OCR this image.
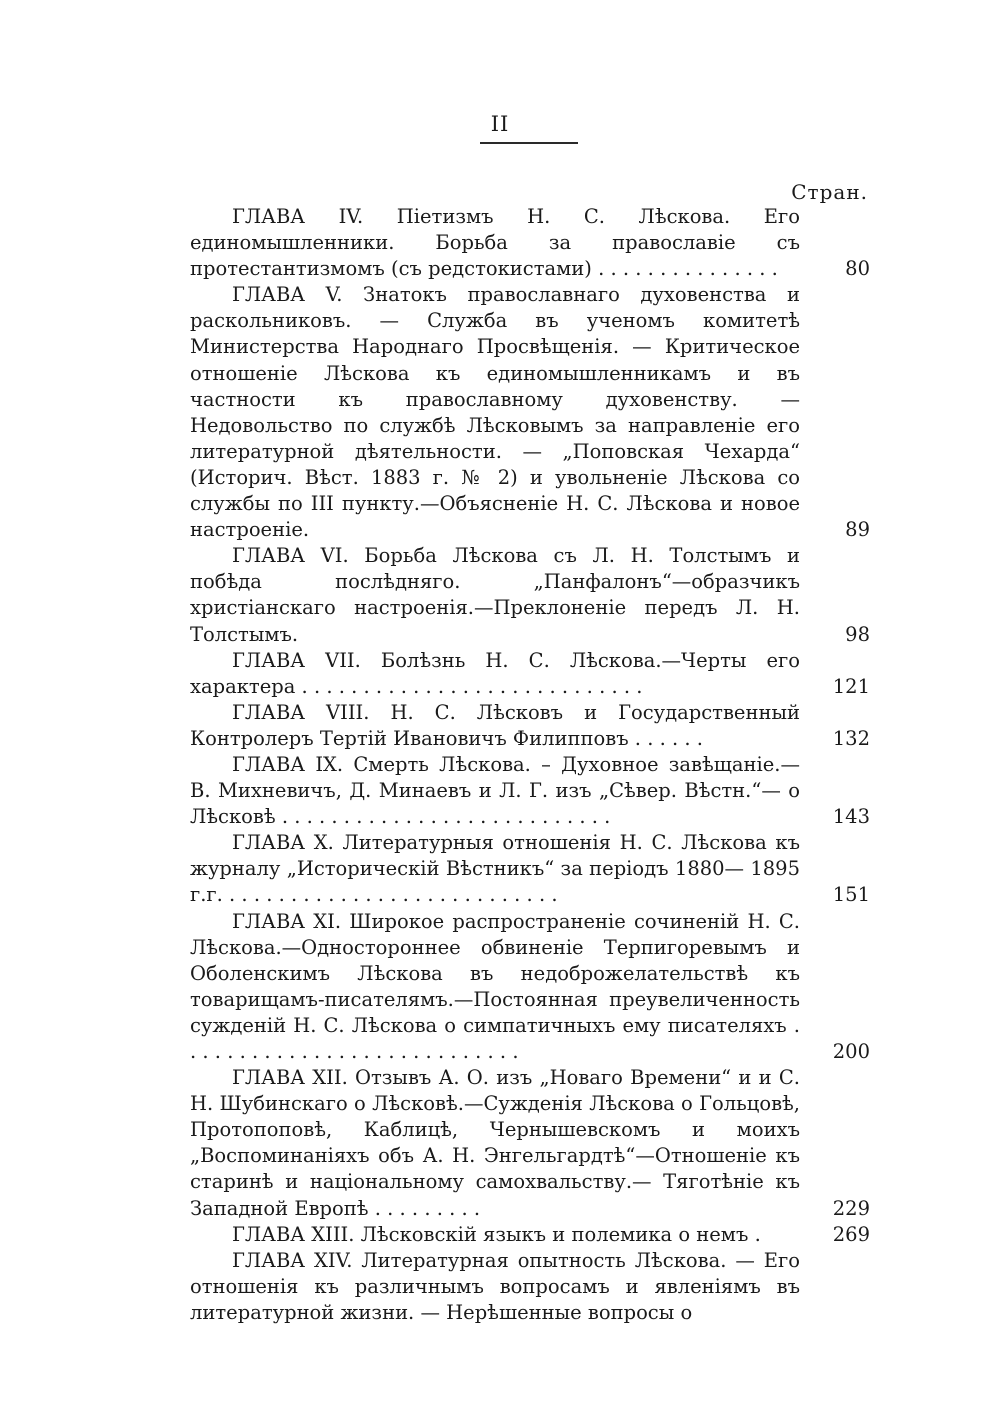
II
Стран.
ГЛАВА IV. Піетизмъ Н. С. Лѣскова. Его единомышленники. Борьба за православіе съ протестантизмомъ (съ редстокистами) . . . . . . . . . . . . . . .	80
ГЛАВА V. Знатокъ православнаго духовенства и раскольниковъ. — Служба въ ученомъ комитетѣ Министерства Народнаго Просвѣщенія. — Критическое отношеніе Лѣскова къ единомышленникамъ и въ частности къ православному духовенству. — Недовольство по службѣ Лѣсковымъ за направленіе его литературной дѣятельности. — „Поповская Чехарда“ (Историч. Вѣст. 1883 г. № 2) и увольненіе Лѣскова со службы по III пункту.—Объясненіе Н. С. Лѣскова и новое настроеніе.	89
ГЛАВА VI. Борьба Лѣскова съ Л. Н. Толстымъ и побѣда послѣдняго. „Панфалонъ“—образчикъ христіанскаго настроенія.—Преклоненіе передъ Л. Н. Толстымъ.	98
ГЛАВА VII. Болѣзнь Н. С. Лѣскова.—Черты его характера . . . . . . . . . . . . . . . . . . . . . . . . . . . .	121
ГЛАВА VIII. Н. С. Лѣсковъ и Государственный Контролеръ Тертій Ивановичъ Филипповъ . . . . . .	132
ГЛАВА IX. Смерть Лѣскова. – Духовное завѣщаніе.— В. Михневичъ, Д. Минаевъ и Л. Г. изъ „Сѣвер. Вѣстн.“— о Лѣсковѣ . . . . . . . . . . . . . . . . . . . . . . . . . . .	143
ГЛАВА X. Литературныя отношенія Н. С. Лѣскова къ журналу „Историческій Вѣстникъ“ за періодъ 1880— 1895 г.г. . . . . . . . . . . . . . . . . . . . . . . . . . . .	151
ГЛАВА XI. Широкое распространеніе сочиненій Н. С. Лѣскова.—Одностороннее обвиненіе Терпигоревымъ и Оболенскимъ Лѣскова въ недоброжелательствѣ къ товарищамъ-писателямъ.—Постоянная преувеличенность сужденій Н. С. Лѣскова о симпатичныхъ ему писателяхъ . . . . . . . . . . . . . . . . . . . . . . . . . . . .	200
ГЛАВА XII. Отзывъ А. О. изъ „Новаго Времени“ и и С. Н. Шубинскаго о Лѣсковѣ.—Сужденія Лѣскова о Гольцовѣ, Протопоповѣ, Каблицѣ, Чернышевскомъ и моихъ „Воспоминаніяхъ объ А. Н. Энгельгардтѣ“—Отношеніе къ старинѣ и національному самохвальству.— Тяготѣніе къ Западной Европѣ . . . . . . . . .	229
ГЛАВА XIII. Лѣсковскій языкъ и полемика о немъ .	269
ГЛАВА XIV. Литературная опытность Лѣскова. — Его отношенія къ различнымъ вопросамъ и явленіямъ въ литературной жизни. — Нерѣшенные вопросы о
